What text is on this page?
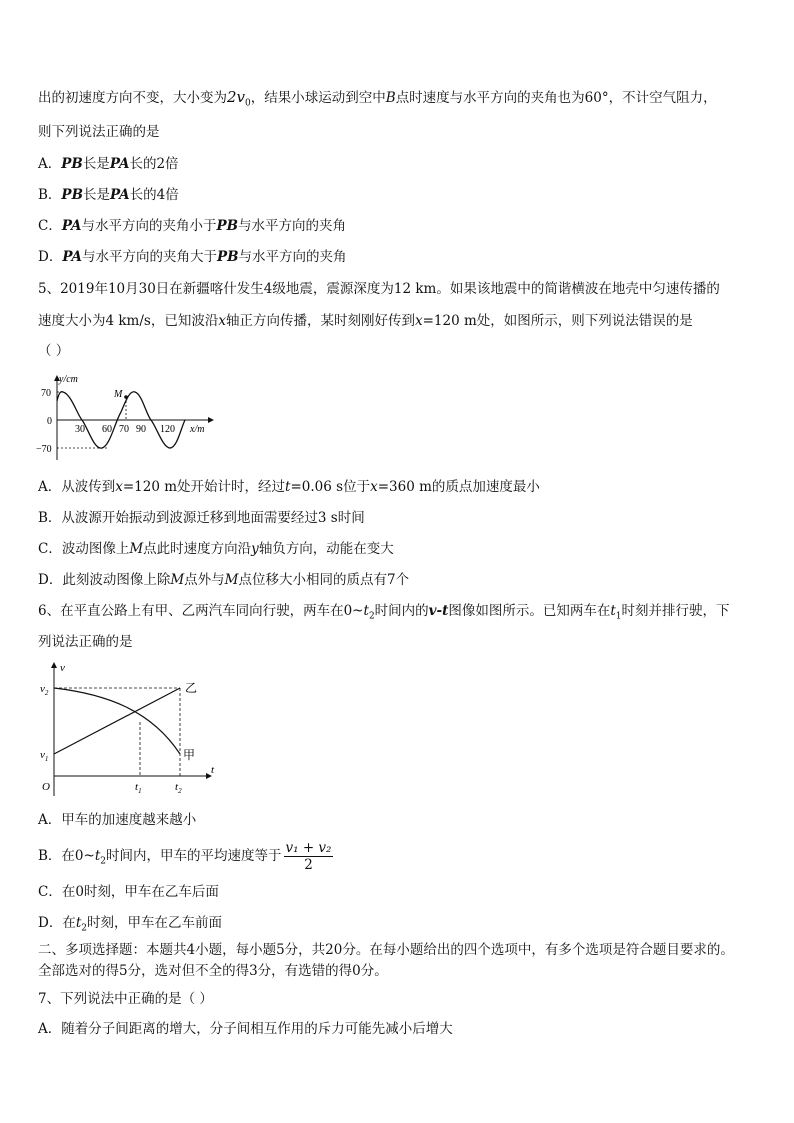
出的初速度方向不变，大小变为$2v_0$，结果小球运动到空中B点时速度与水平方向的夹角也为60°，不计空气阻力，
则下列说法正确的是
A．PB长是PA长的2倍
B．PB长是PA长的4倍
C．PA与水平方向的夹角小于PB与水平方向的夹角
D．PA与水平方向的夹角大于PB与水平方向的夹角
5、2019年10月30日在新疆喀什发生4级地震，震源深度为12 km。如果该地震中的简谐横波在地壳中匀速传播的
速度大小为4 km/s，已知波沿x轴正方向传播，某时刻刚好传到x=120 m处，如图所示，则下列说法错误的是
（ ）
y/cm
x/m
0
70
−70
30 60 70 90 120
M
A．从波传到x=120 m处开始计时，经过t=0.06 s位于x=360 m的质点加速度最小
B．从波源开始振动到波源迁移到地面需要经过3 s时间
C．波动图像上M点此时速度方向沿y轴负方向，动能在变大
D．此刻波动图像上除M点外与M点位移大小相同的质点有7个
6、在平直公路上有甲、乙两汽车同向行驶，两车在$0\sim t_2$时间内的v-t图像如图所示。已知两车在$t_1$时刻并排行驶，下
列说法正确的是
v
t
O
$v_2$
$v_1$
$t_1$	$t_2$
乙
甲
A．甲车的加速度越来越小
B．在$0\sim t_2$时间内，甲车的平均速度等于 $\frac{\text{v₁ + v₂}}{2}$
C．在0时刻，甲车在乙车后面
D．在$t_2$时刻，甲车在乙车前面
二、多项选择题：本题共4小题，每小题5分，共20分。在每小题给出的四个选项中，有多个选项是符合题目要求的。
全部选对的得5分，选对但不全的得3分，有选错的得0分。
7、下列说法中正确的是（ ）
A．随着分子间距离的增大，分子间相互作用的斥力可能先减小后增大
